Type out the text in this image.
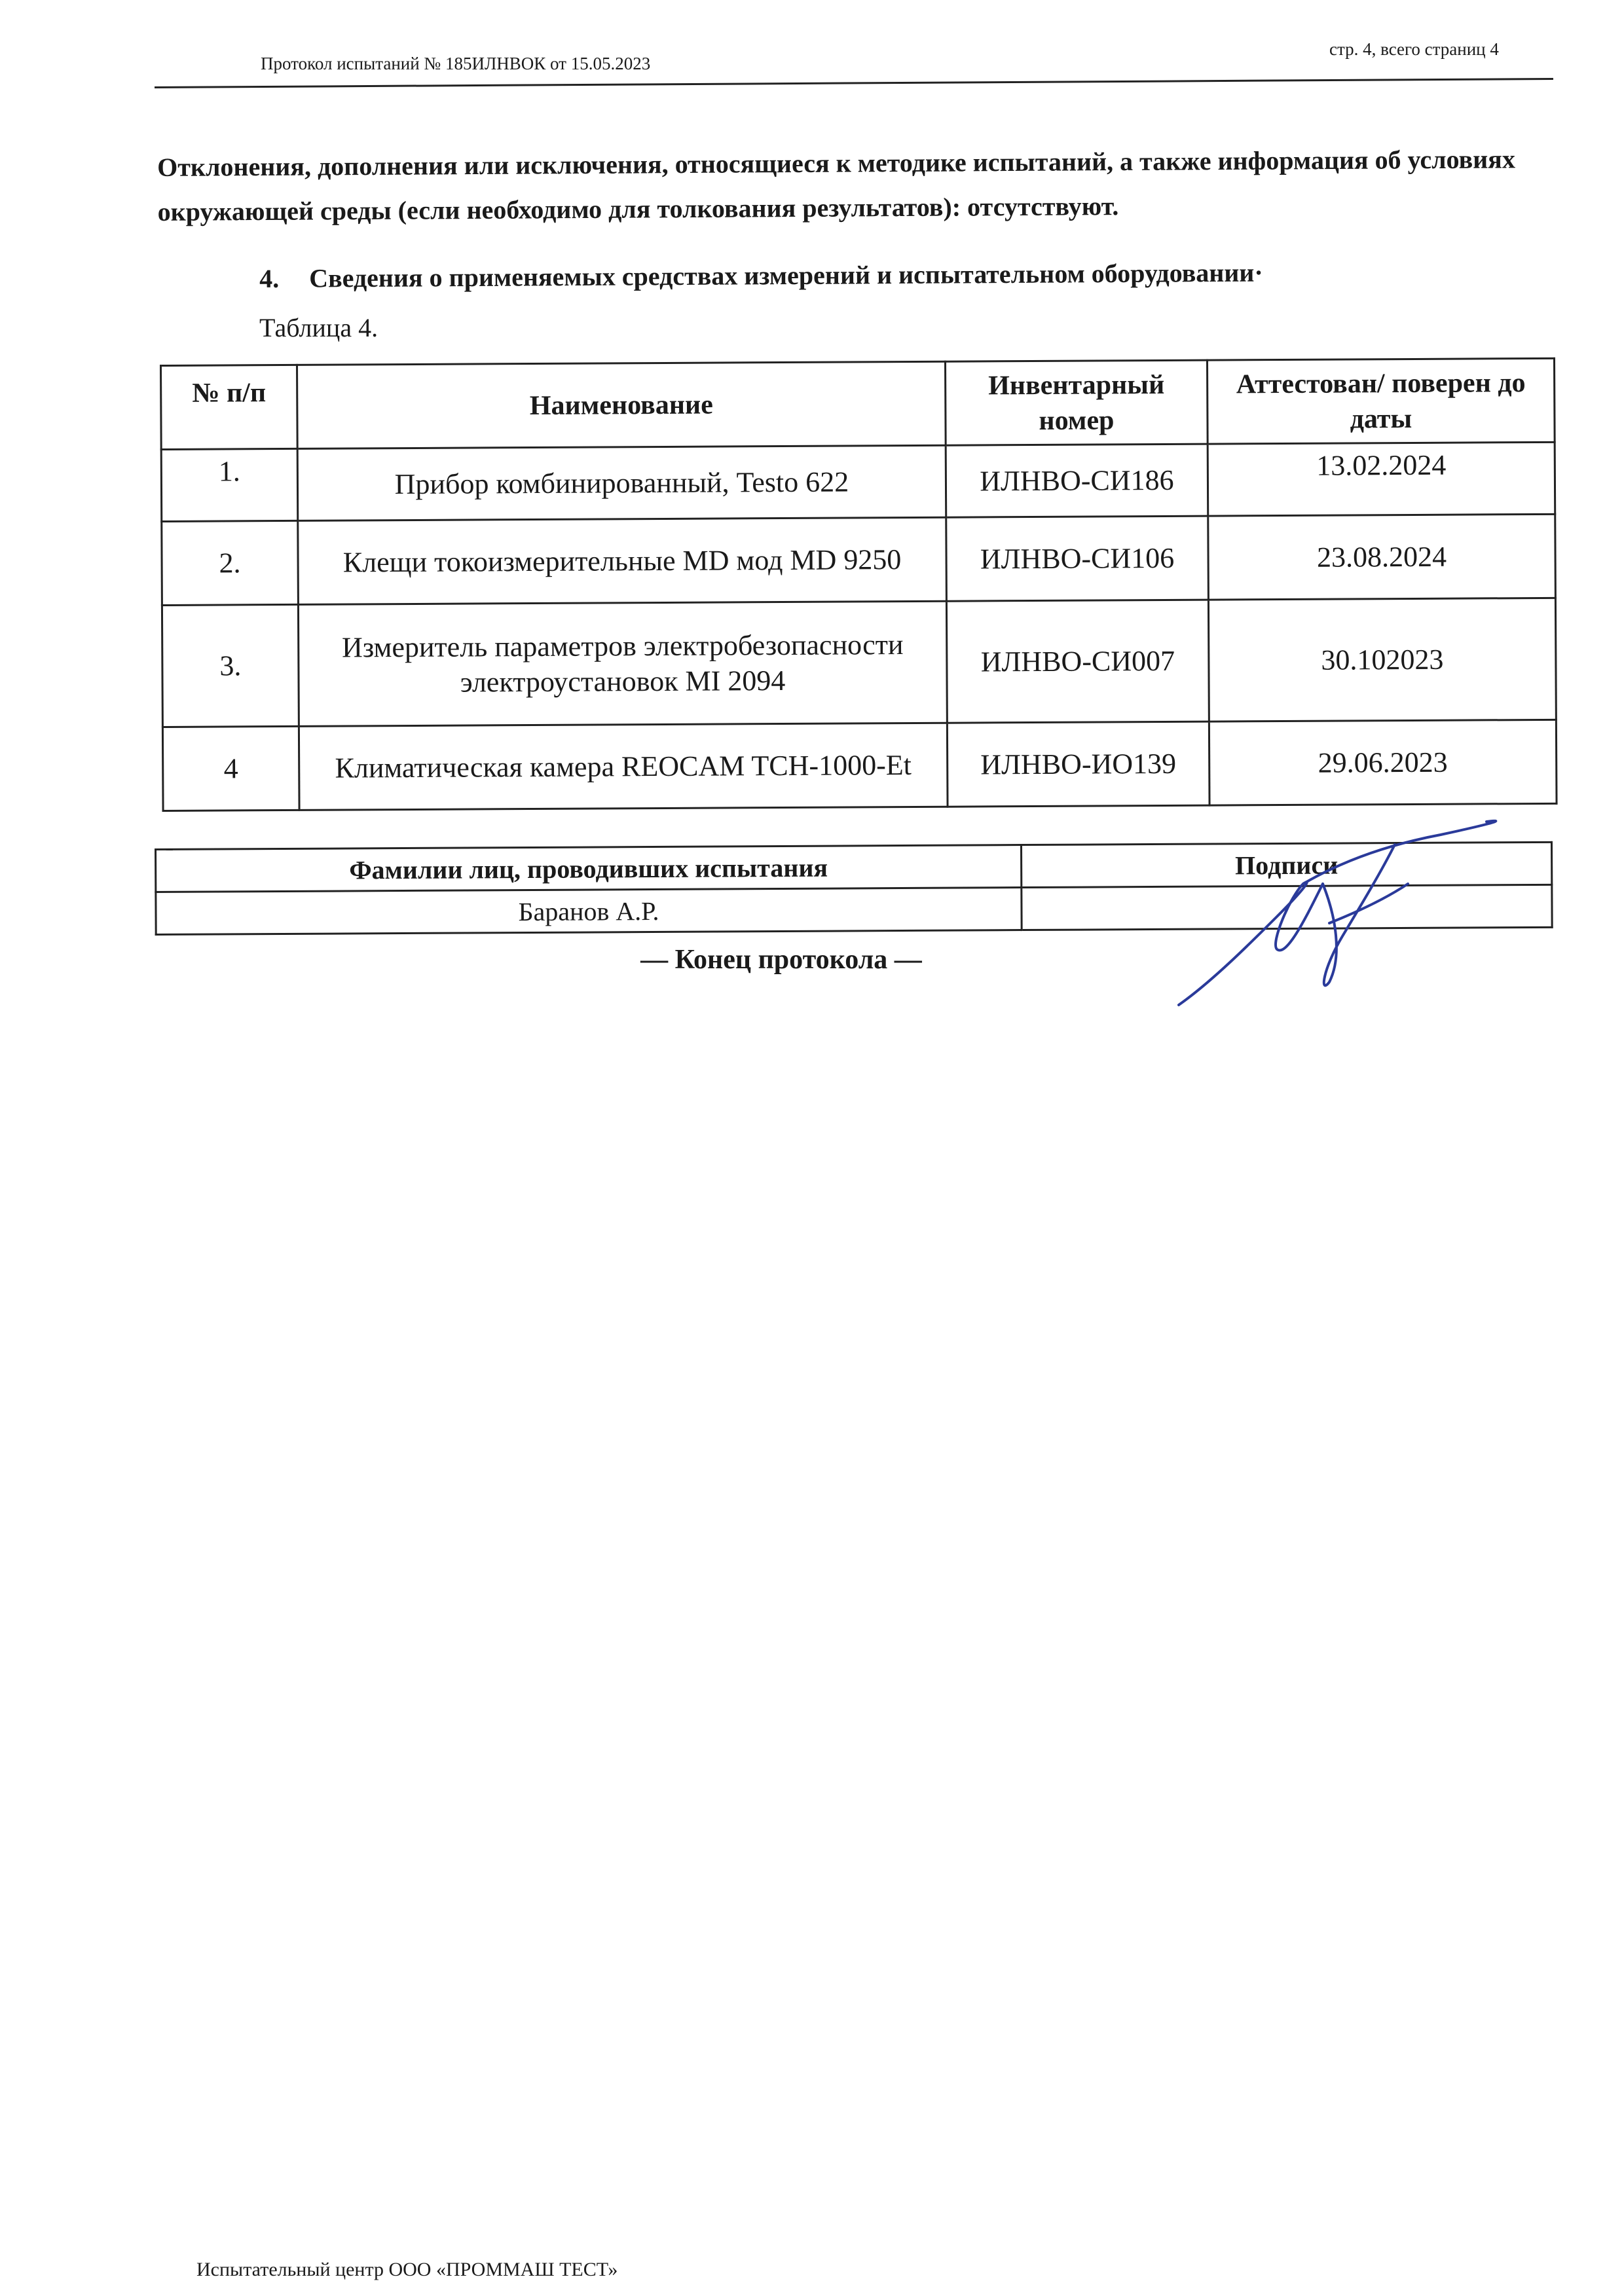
Протокол испытаний № 185ИЛНВОК от 15.05.2023
стр. 4, всего страниц 4
Отклонения, дополнения или исключения, относящиеся к методике испытаний, а также информация об условиях окружающей среды (если необходимо для толкования результатов): отсутствуют.
4. Сведения о применяемых средствах измерений и испытательном оборудовании·
Таблица 4.
№ п/п	Наименование	Инвентарный номер	Аттестован/ поверен до даты
1.	Прибор комбинированный, Testo 622	ИЛНВО-СИ186	13.02.2024
2.	Клещи токоизмерительные MD мод MD 9250	ИЛНВО-СИ106	23.08.2024
3.	Измеритель параметров электробезопасности электроустановок MI 2094	ИЛНВО-СИ007	30.102023
4	Климатическая камера REOCAM TCH-1000-Et	ИЛНВО-ИО139	29.06.2023
-
Фамилии лиц, проводивших испытания	Подписи
Баранов А.Р.	
— Конец протокола —
Испытательный центр ООО «ПРОММАШ ТЕСТ»
